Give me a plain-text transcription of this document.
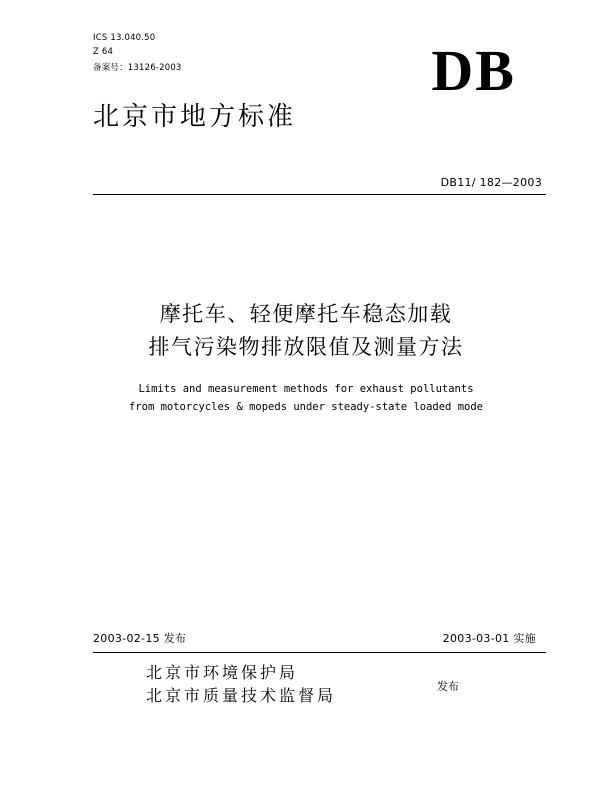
ICS 13.040.50
Z 64
备案号：13126-2003	DB
北京市地方标准
DB11/ 182—2003
摩托车、轻便摩托车稳态加载
排气污染物排放限值及测量方法
Limits and measurement methods for exhaust pollutants
from motorcycles & mopeds under steady-state loaded mode
2003-02-15 发布	2003-03-01 实施
北京市环境保护局
北京市质量技术监督局	发布
